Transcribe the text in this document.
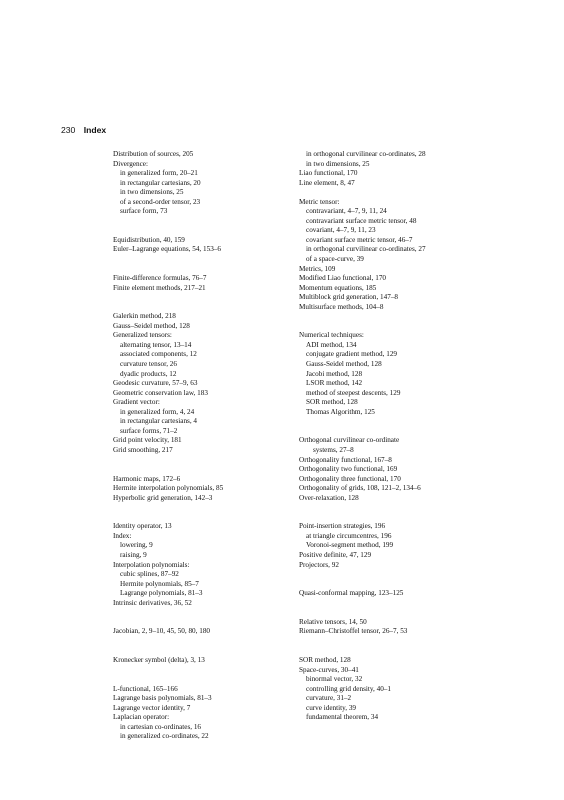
230 Index
Distribution of sources, 205
Divergence:
in generalized form, 20–21
in rectangular cartesians, 20
in two dimensions, 25
of a second-order tensor, 23
surface form, 73
Equidistribution, 40, 159
Euler–Lagrange equations, 54, 153–6
Finite-difference formulas, 76–7
Finite element methods, 217–21
Galerkin method, 218
Gauss–Seidel method, 128
Generalized tensors:
alternating tensor, 13–14
associated components, 12
curvature tensor, 26
dyadic products, 12
Geodesic curvature, 57–9, 63
Geometric conservation law, 183
Gradient vector:
in generalized form, 4, 24
in rectangular cartesians, 4
surface forms, 71–2
Grid point velocity, 181
Grid smoothing, 217
Harmonic maps, 172–6
Hermite interpolation polynomials, 85
Hyperbolic grid generation, 142–3
Identity operator, 13
Index:
lowering, 9
raising, 9
Interpolation polynomials:
cubic splines, 87–92
Hermite polynomials, 85–7
Lagrange polynomials, 81–3
Intrinsic derivatives, 36, 52
Jacobian, 2, 9–10, 45, 50, 80, 180
Kronecker symbol (delta), 3, 13
L-functional, 165–166
Lagrange basis polynomials, 81–3
Lagrange vector identity, 7
Laplacian operator:
in cartesian co-ordinates, 16
in generalized co-ordinates, 22
in orthogonal curvilinear co-ordinates, 28
in two dimensions, 25
Liao functional, 170
Line element, 8, 47
Metric tensor:
contravariant, 4–7, 9, 11, 24
contravariant surface metric tensor, 48
covariant, 4–7, 9, 11, 23
covariant surface metric tensor, 46–7
in orthogonal curvilinear co-ordinates, 27
of a space-curve, 39
Metrics, 109
Modified Liao functional, 170
Momentum equations, 185
Multiblock grid generation, 147–8
Multisurface methods, 104–8
Numerical techniques:
ADI method, 134
conjugate gradient method, 129
Gauss-Seidel method, 128
Jacobi method, 128
LSOR method, 142
method of steepest descents, 129
SOR method, 128
Thomas Algorithm, 125
Orthogonal curvilinear co-ordinate
systems, 27–8
Orthogonality functional, 167–8
Orthogonality two functional, 169
Orthogonality three functional, 170
Orthogonality of grids, 108, 121–2, 134–6
Over-relaxation, 128
Point-insertion strategies, 196
at triangle circumcentres, 196
Voronoi-segment method, 199
Positive definite, 47, 129
Projectors, 92
Quasi-conformal mapping, 123–125
Relative tensors, 14, 50
Riemann–Christoffel tensor, 26–7, 53
SOR method, 128
Space-curves, 30–41
binormal vector, 32
controlling grid density, 40–1
curvature, 31–2
curve identity, 39
fundamental theorem, 34
